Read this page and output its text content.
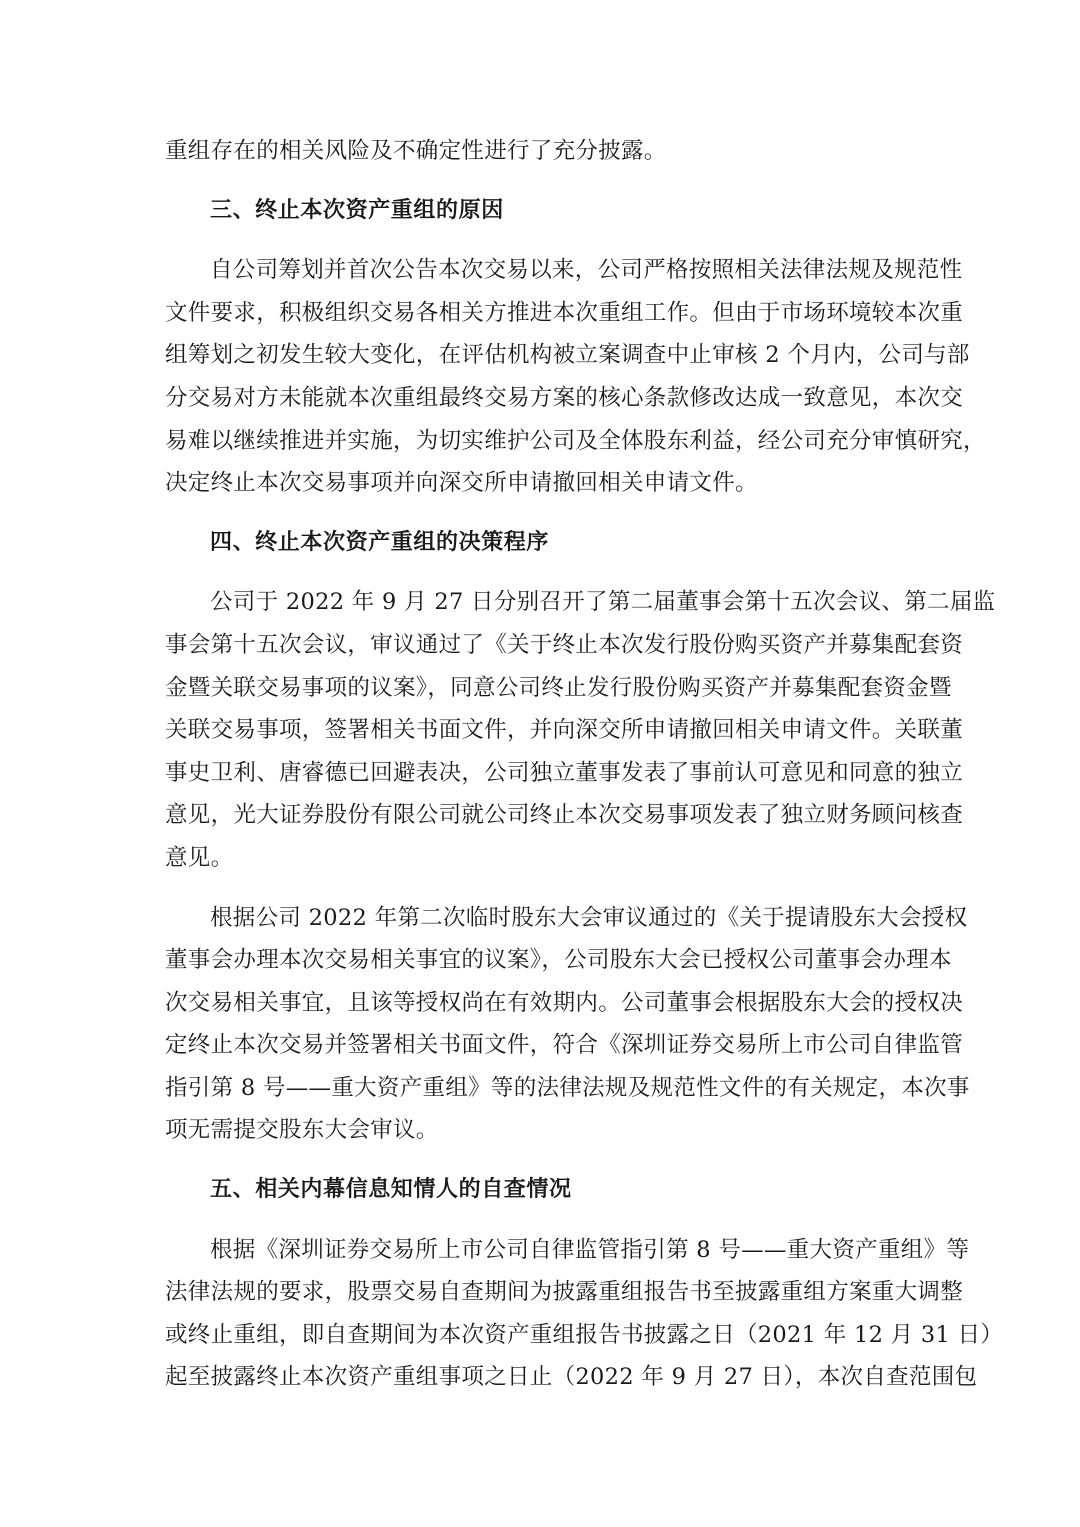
重组存在的相关风险及不确定性进行了充分披露。
三、终止本次资产重组的原因
自公司筹划并首次公告本次交易以来，公司严格按照相关法律法规及规范性
文件要求，积极组织交易各相关方推进本次重组工作。但由于市场环境较本次重
组筹划之初发生较大变化，在评估机构被立案调查中止审核 2 个月内，公司与部
分交易对方未能就本次重组最终交易方案的核心条款修改达成一致意见，本次交
易难以继续推进并实施，为切实维护公司及全体股东利益，经公司充分审慎研究，
决定终止本次交易事项并向深交所申请撤回相关申请文件。
四、终止本次资产重组的决策程序
公司于 2022 年 9 月 27 日分别召开了第二届董事会第十五次会议、第二届监
事会第十五次会议，审议通过了《关于终止本次发行股份购买资产并募集配套资
金暨关联交易事项的议案》，同意公司终止发行股份购买资产并募集配套资金暨
关联交易事项，签署相关书面文件，并向深交所申请撤回相关申请文件。关联董
事史卫利、唐睿德已回避表决，公司独立董事发表了事前认可意见和同意的独立
意见，光大证券股份有限公司就公司终止本次交易事项发表了独立财务顾问核查
意见。
根据公司 2022 年第二次临时股东大会审议通过的《关于提请股东大会授权
董事会办理本次交易相关事宜的议案》，公司股东大会已授权公司董事会办理本
次交易相关事宜，且该等授权尚在有效期内。公司董事会根据股东大会的授权决
定终止本次交易并签署相关书面文件，符合《深圳证券交易所上市公司自律监管
指引第 8 号——重大资产重组》等的法律法规及规范性文件的有关规定，本次事
项无需提交股东大会审议。
五、相关内幕信息知情人的自查情况
根据《深圳证券交易所上市公司自律监管指引第 8 号——重大资产重组》等
法律法规的要求，股票交易自查期间为披露重组报告书至披露重组方案重大调整
或终止重组，即自查期间为本次资产重组报告书披露之日（2021 年 12 月 31 日）
起至披露终止本次资产重组事项之日止（2022 年 9 月 27 日），本次自查范围包
